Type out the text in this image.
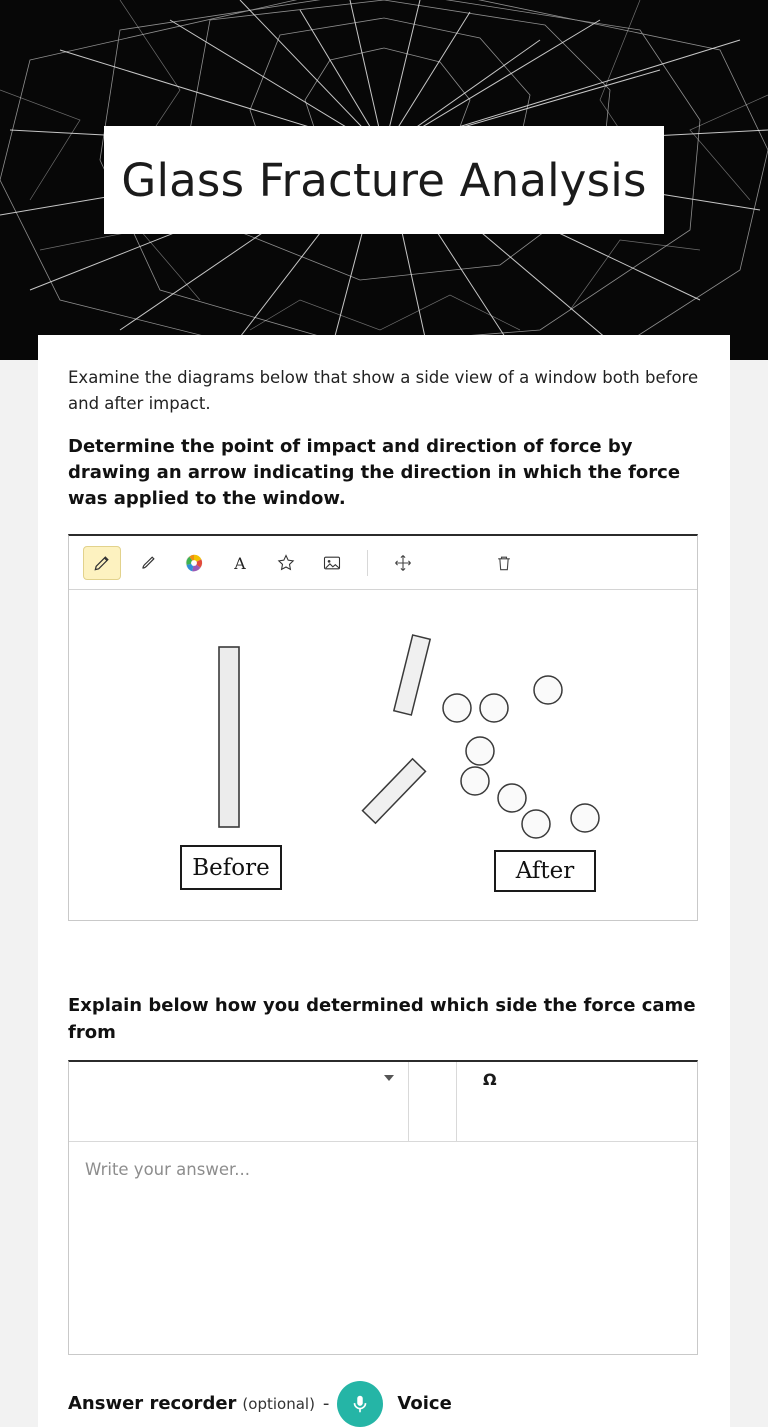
Glass Fracture Analysis

Examine the diagrams below that show a side view of a window both before and after impact.

Determine the point of impact and direction of force by drawing an arrow indicating the direction in which the force was applied to the window.

A
Before	After
Explain below how you determined which side the force came from
Ω
Write your answer...
Answer recorder (optional) -	Voice
